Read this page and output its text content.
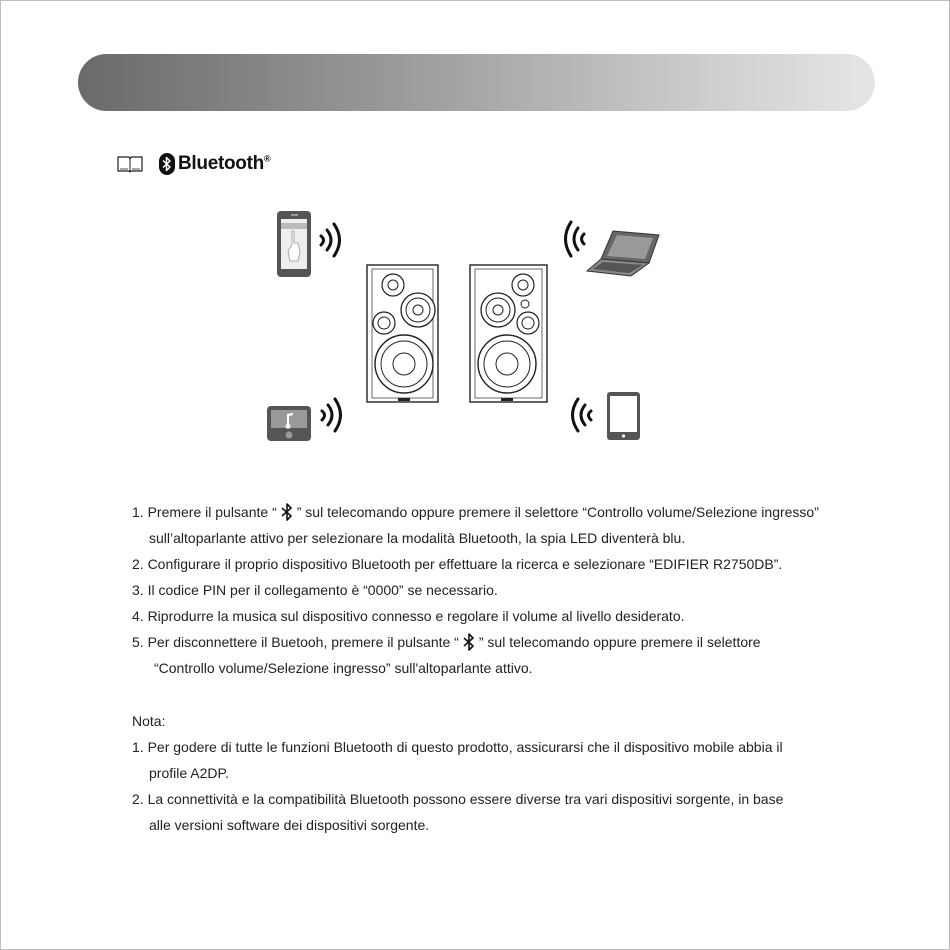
Bluetooth®
1. Premere il pulsante “ ” sul telecomando oppure premere il selettore “Controllo volume/Selezione ingresso”
sull’altoparlante attivo per selezionare la modalità Bluetooth, la spia LED diventerà blu.
2. Configurare il proprio dispositivo Bluetooth per effettuare la ricerca e selezionare “EDIFIER R2750DB”.
3. Il codice PIN per il collegamento è “0000” se necessario.
4. Riprodurre la musica sul dispositivo connesso e regolare il volume al livello desiderato.
5. Per disconnettere il Buetooh, premere il pulsante “ ” sul telecomando oppure premere il selettore
“Controllo volume/Selezione ingresso” sull'altoparlante attivo.
Nota:
1. Per godere di tutte le funzioni Bluetooth di questo prodotto, assicurarsi che il dispositivo mobile abbia il
profile A2DP.
2. La connettività e la compatibilità Bluetooth possono essere diverse tra vari dispositivi sorgente, in base
alle versioni software dei dispositivi sorgente.
